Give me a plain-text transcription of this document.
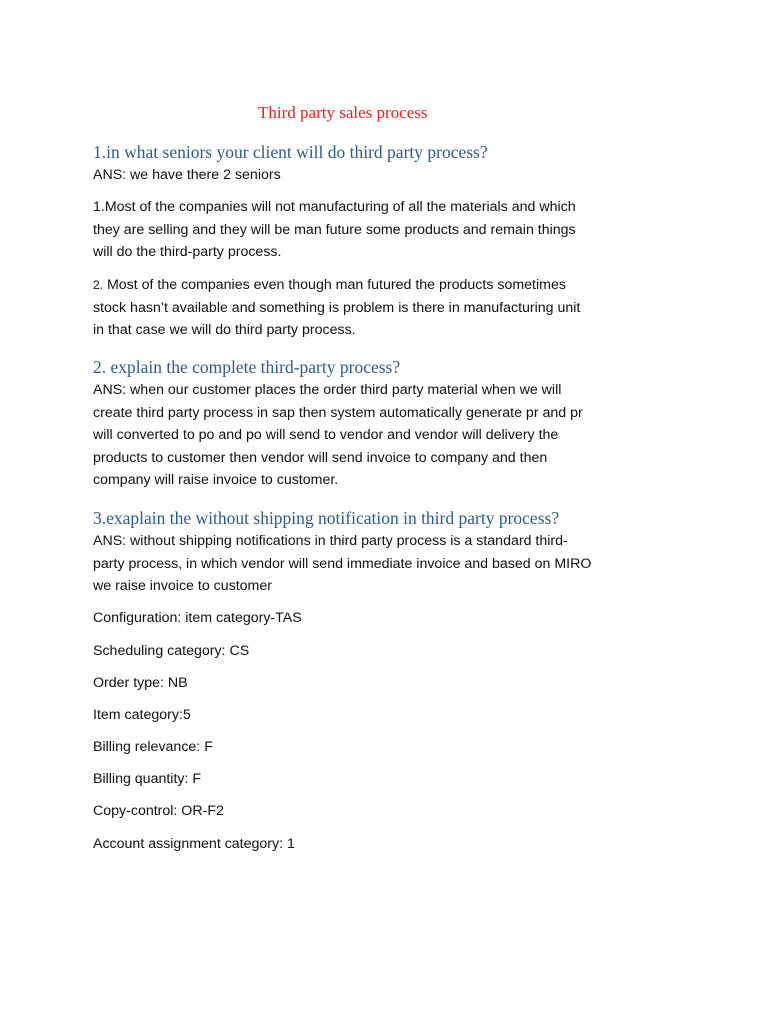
Third party sales process
1.in what seniors your client will do third party process?
ANS: we have there 2 seniors
1.Most of the companies will not manufacturing of all the materials and which
they are selling and they will be man future some products and remain things
will do the third-party process.
2. Most of the companies even though man futured the products sometimes
stock hasn’t available and something is problem is there in manufacturing unit
in that case we will do third party process.
2. explain the complete third-party process?
ANS: when our customer places the order third party material when we will
create third party process in sap then system automatically generate pr and pr
will converted to po and po will send to vendor and vendor will delivery the
products to customer then vendor will send invoice to company and then
company will raise invoice to customer.
3.exaplain the without shipping notification in third party process?
ANS: without shipping notifications in third party process is a standard third-
party process, in which vendor will send immediate invoice and based on MIRO
we raise invoice to customer
Configuration: item category-TAS
Scheduling category: CS
Order type: NB
Item category:5
Billing relevance: F
Billing quantity: F
Copy-control: OR-F2
Account assignment category: 1
